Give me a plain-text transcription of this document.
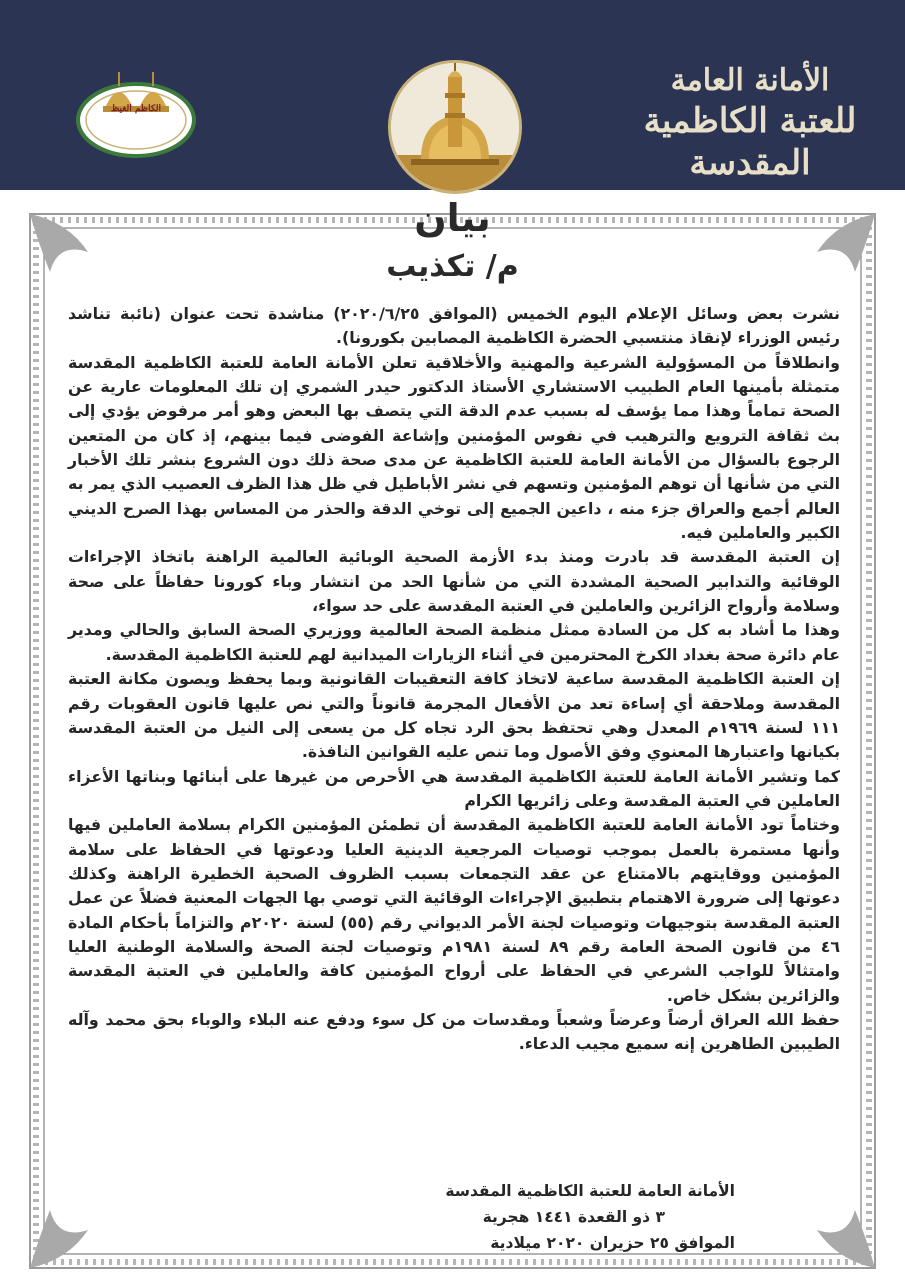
الأمانة العامة
للعتبة الكاظمية المقدسة
الكاظم الغيظ
بيان
م/ تكذيب

نشرت بعض وسائل الإعلام اليوم الخميس (الموافق ٢٠٢٠/٦/٢٥) مناشدة تحت عنوان (نائبة تناشد رئيس الوزراء لإنقاذ منتسبي الحضرة الكاظمية المصابين بكورونا).

وانطلاقاً من المسؤولية الشرعية والمهنية والأخلاقية تعلن الأمانة العامة للعتبة الكاظمية المقدسة متمثلة بأمينها العام الطبيب الاستشاري الأستاذ الدكتور حيدر الشمري إن تلك المعلومات عارية عن الصحة تماماً وهذا مما يؤسف له بسبب عدم الدقة التي يتصف بها البعض وهو أمر مرفوض يؤدي إلى بث ثقافة الترويع والترهيب في نفوس المؤمنين وإشاعة الفوضى فيما بينهم، إذ كان من المتعين الرجوع بالسؤال من الأمانة العامة للعتبة الكاظمية عن مدى صحة ذلك دون الشروع بنشر تلك الأخبار التي من شأنها أن توهم المؤمنين وتسهم في نشر الأباطيل في ظل هذا الظرف العصيب الذي يمر به العالم أجمع والعراق جزء منه ، داعين الجميع إلى توخي الدقة والحذر من المساس بهذا الصرح الديني الكبير والعاملين فيه.

إن العتبة المقدسة قد بادرت ومنذ بدء الأزمة الصحية الوبائية العالمية الراهنة باتخاذ الإجراءات الوقائية والتدابير الصحية المشددة التي من شأنها الحد من انتشار وباء كورونا حفاظاً على صحة وسلامة وأرواح الزائرين والعاملين في العتبة المقدسة على حد سواء،

وهذا ما أشاد به كل من السادة ممثل منظمة الصحة العالمية ووزيري الصحة السابق والحالي ومدير عام دائرة صحة بغداد الكرخ المحترمين في أثناء الزيارات الميدانية لهم للعتبة الكاظمية المقدسة.

إن العتبة الكاظمية المقدسة ساعية لاتخاذ كافة التعقيبات القانونية وبما يحفظ ويصون مكانة العتبة المقدسة وملاحقة أي إساءة تعد من الأفعال المجرمة قانوناً والتي نص عليها قانون العقوبات رقم ١١١ لسنة ١٩٦٩م المعدل وهي تحتفظ بحق الرد تجاه كل من يسعى إلى النيل من العتبة المقدسة بكيانها واعتبارها المعنوي وفق الأصول وما تنص عليه القوانين النافذة.

كما وتشير الأمانة العامة للعتبة الكاظمية المقدسة هي الأحرص من غيرها على أبنائها وبناتها الأعزاء العاملين في العتبة المقدسة وعلى زائريها الكرام

وختاماً تود الأمانة العامة للعتبة الكاظمية المقدسة أن تطمئن المؤمنين الكرام بسلامة العاملين فيها وأنها مستمرة بالعمل بموجب توصيات المرجعية الدينية العليا ودعوتها في الحفاظ على سلامة المؤمنين ووقايتهم بالامتناع عن عقد التجمعات بسبب الظروف الصحية الخطيرة الراهنة وكذلك دعوتها إلى ضرورة الاهتمام بتطبيق الإجراءات الوقائية التي توصي بها الجهات المعنية فضلاً عن عمل العتبة المقدسة بتوجيهات وتوصيات لجنة الأمر الديواني رقم (٥٥) لسنة ٢٠٢٠م والتزاماً بأحكام المادة ٤٦ من قانون الصحة العامة رقم ٨٩ لسنة ١٩٨١م وتوصيات لجنة الصحة والسلامة الوطنية العليا وامتثالاً للواجب الشرعي في الحفاظ على أرواح المؤمنين كافة والعاملين في العتبة المقدسة والزائرين بشكل خاص.

حفظ الله العراق أرضاً وعرضاً وشعباً ومقدسات من كل سوء ودفع عنه البلاء والوباء بحق محمد وآله الطيبين الطاهرين إنه سميع مجيب الدعاء.

الأمانة العامة للعتبة الكاظمية المقدسة
٣ ذو القعدة ١٤٤١ هجرية
الموافق ٢٥ حزيران ٢٠٢٠ ميلادية
